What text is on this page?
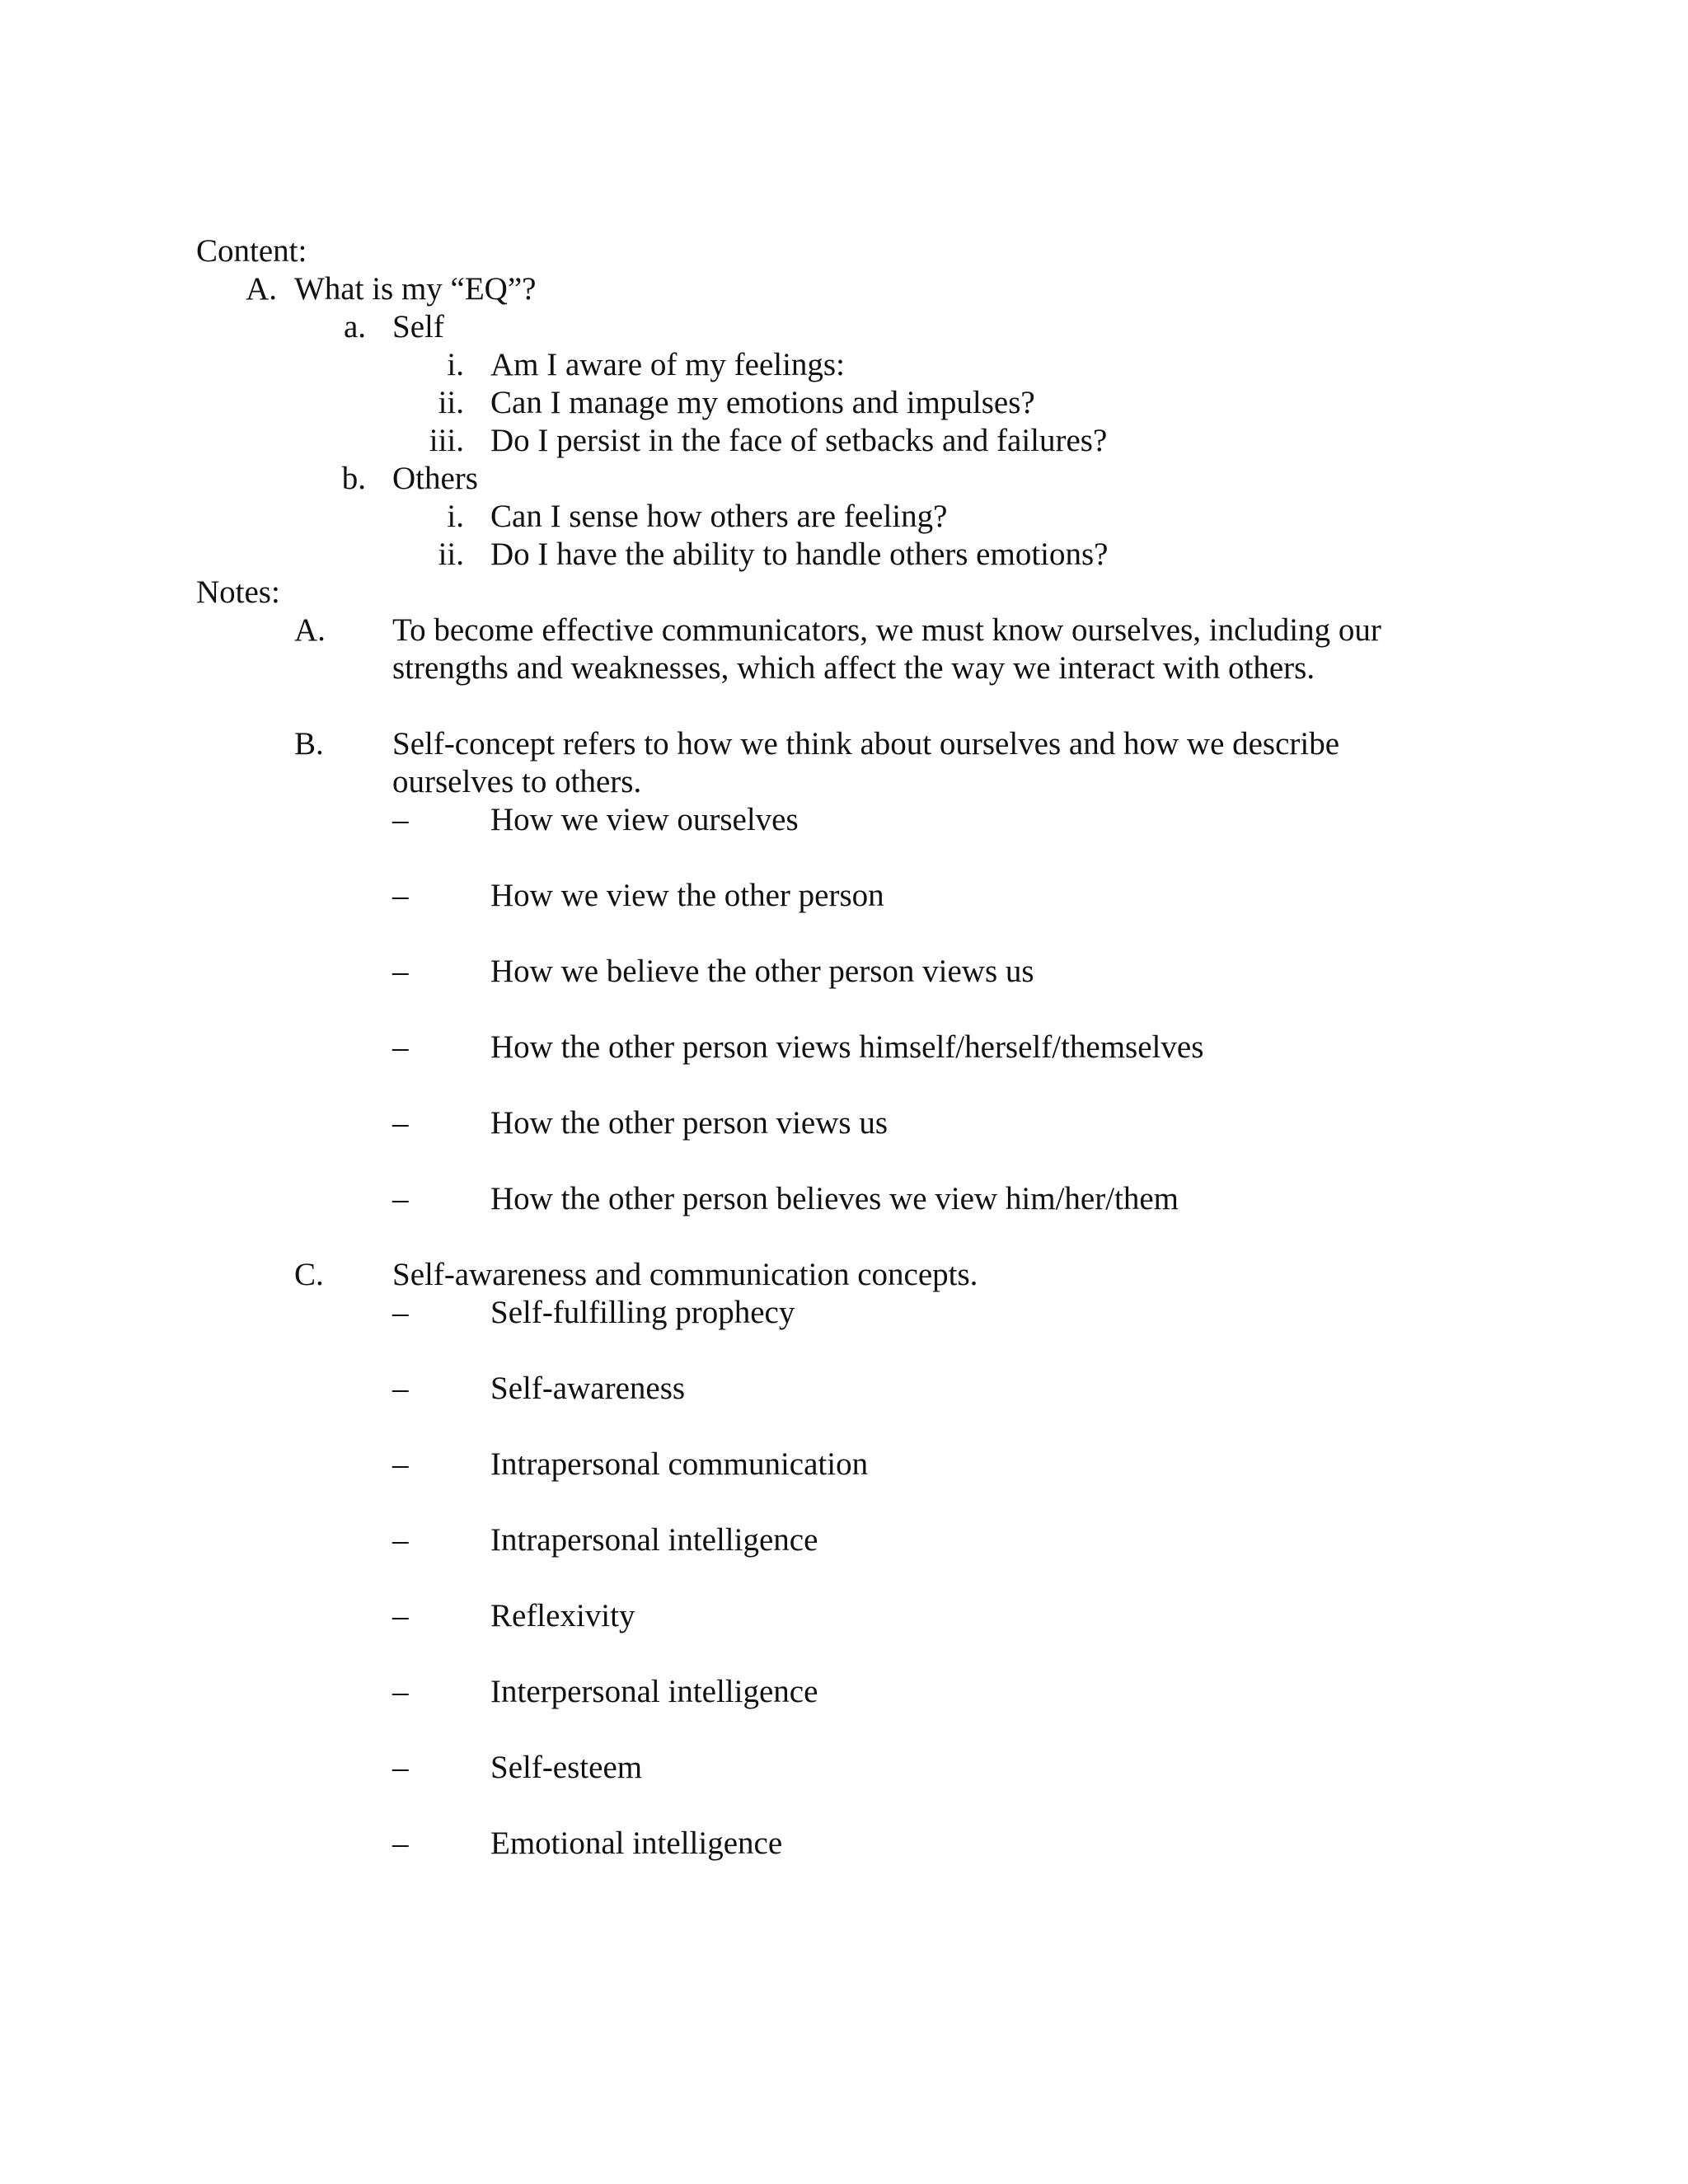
Content:
A. What is my “EQ”?
a. Self
i. Am I aware of my feelings:
ii. Can I manage my emotions and impulses?
iii. Do I persist in the face of setbacks and failures?
b. Others
i. Can I sense how others are feeling?
ii. Do I have the ability to handle others emotions?
Notes:
A. To become effective communicators, we must know ourselves, including our
strengths and weaknesses, which affect the way we interact with others.
B. Self-concept refers to how we think about ourselves and how we describe
ourselves to others.
–	How we view ourselves
–	How we view the other person
–	How we believe the other person views us
–	How the other person views himself/herself/themselves
–	How the other person views us
–	How the other person believes we view him/her/them
C. Self-awareness and communication concepts.
–	Self-fulfilling prophecy
–	Self-awareness
–	Intrapersonal communication
–	Intrapersonal intelligence
–	Reflexivity
–	Interpersonal intelligence
–	Self-esteem
–	Emotional intelligence
